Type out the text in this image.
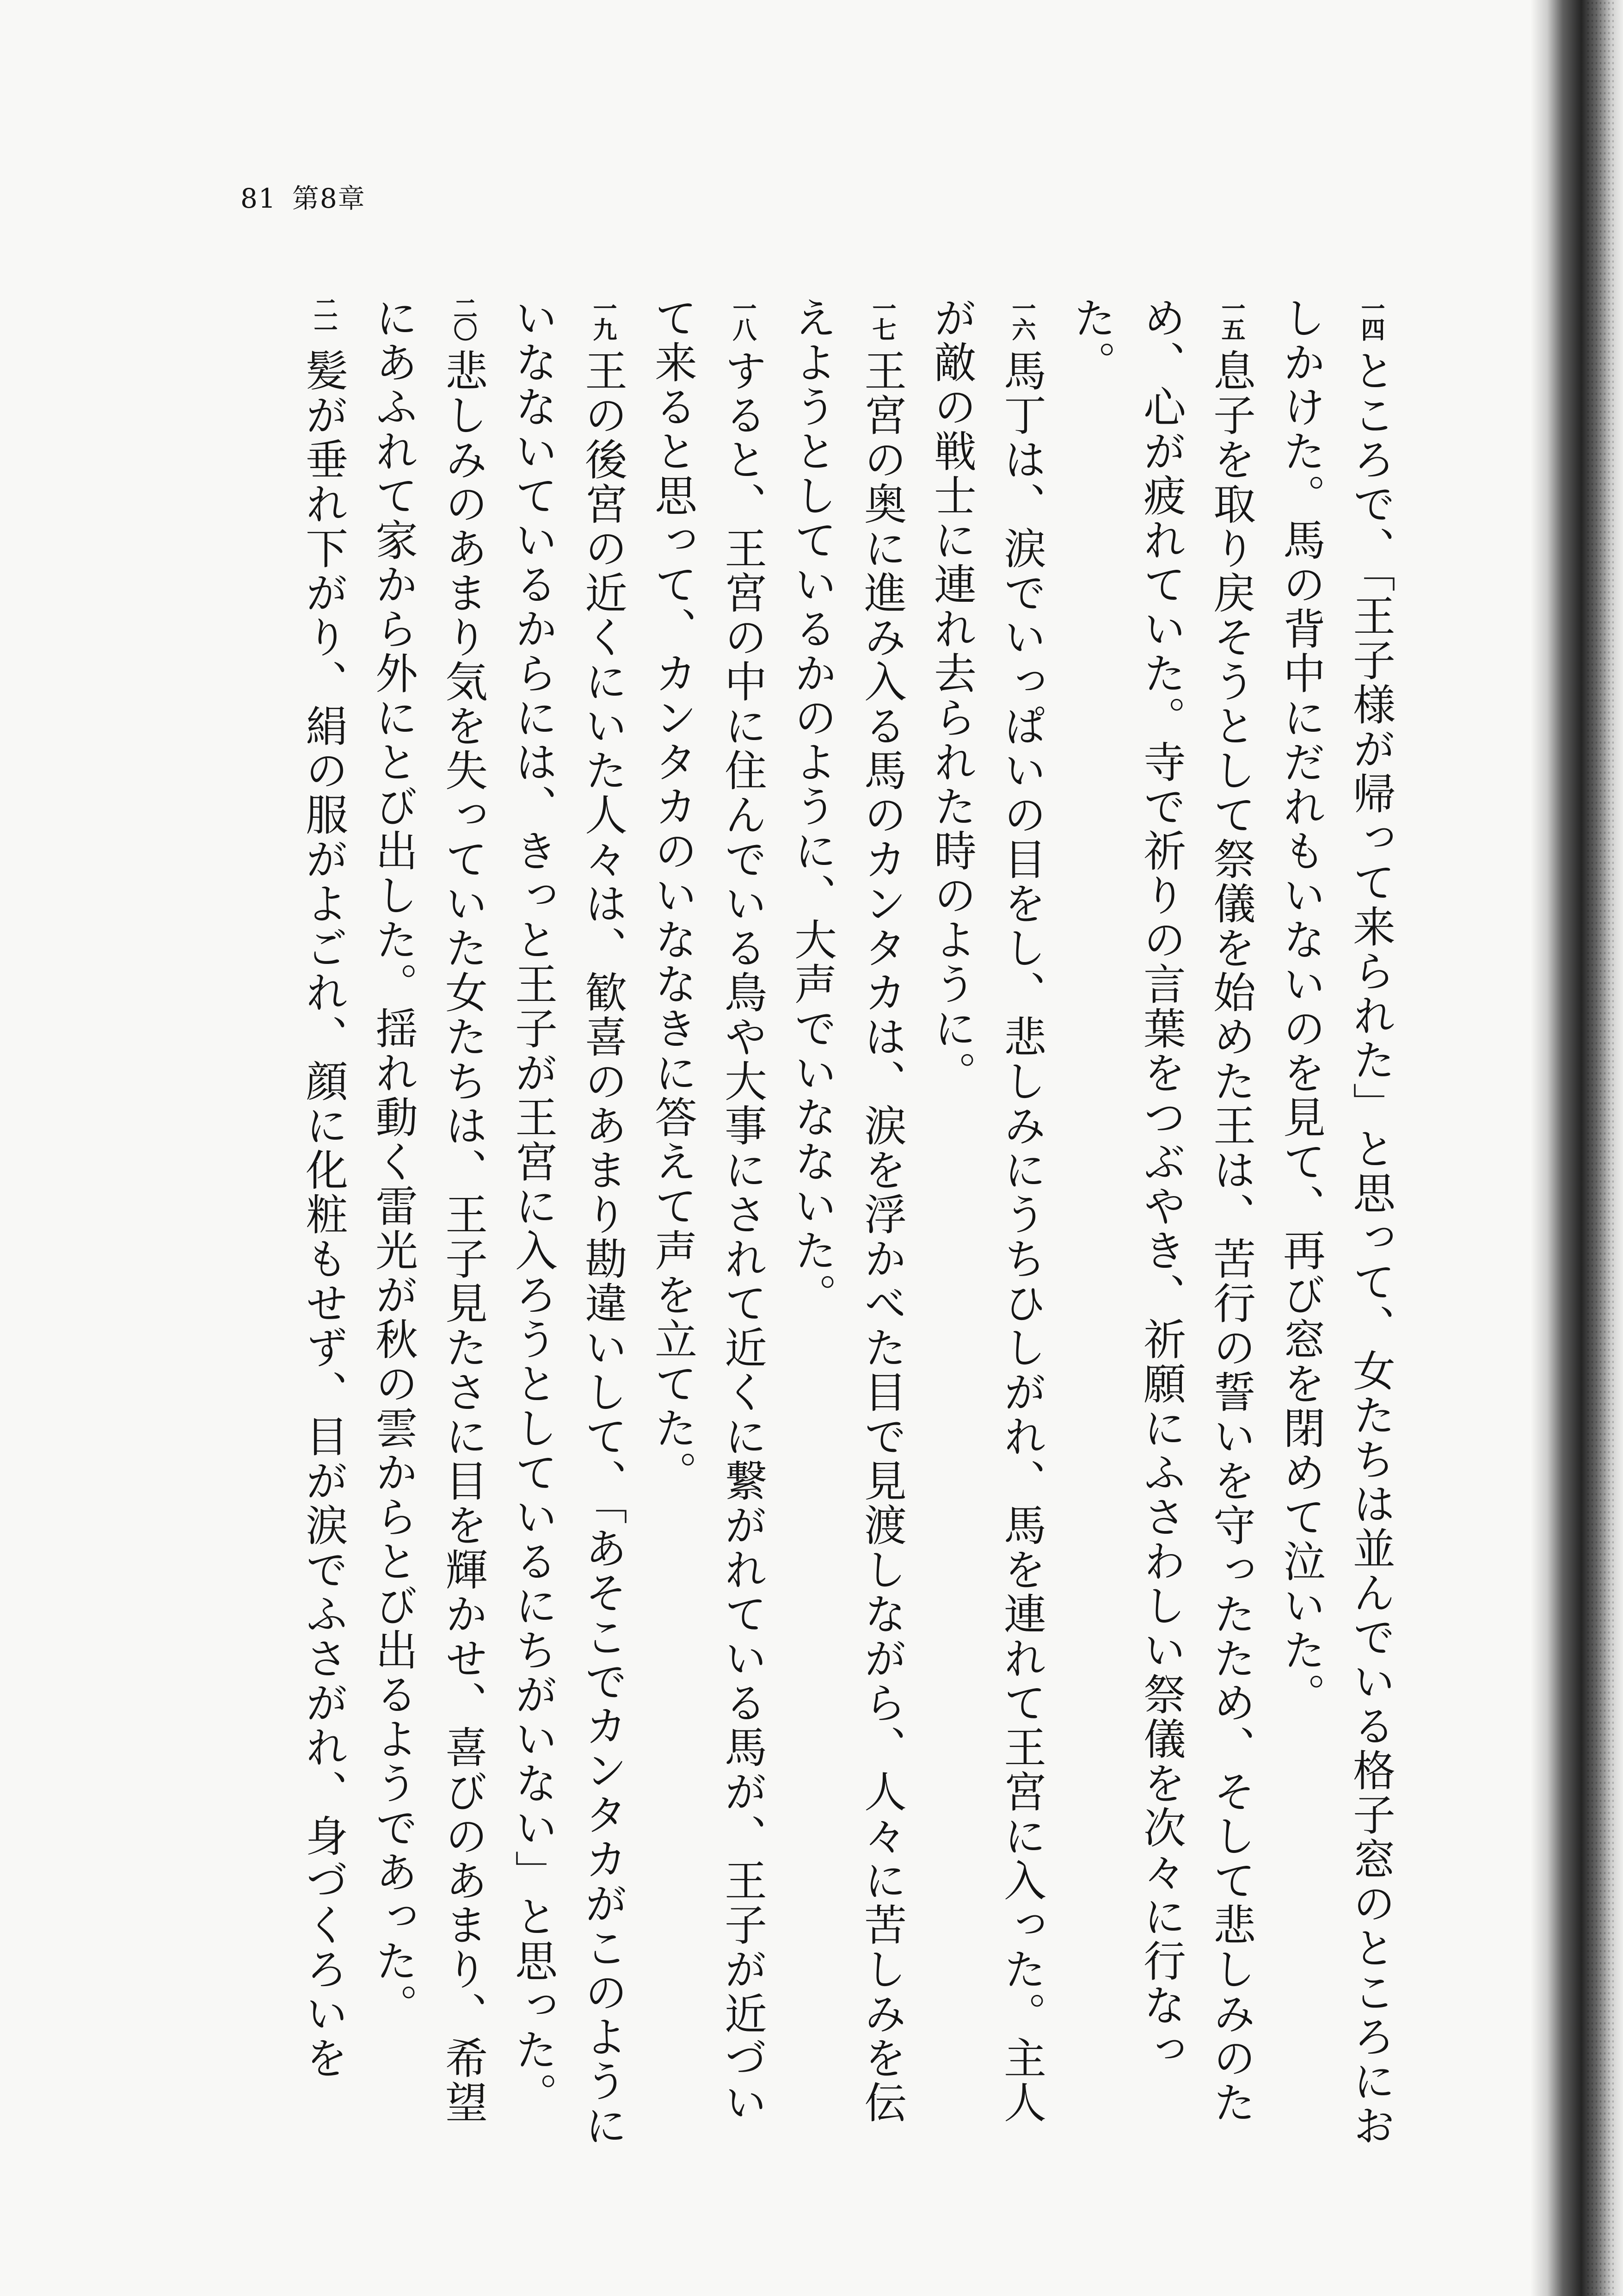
81 第8章

一四ところで、「王子様が帰って来られた」と思って、女たちは並んでいる格子窓のところにおしかけた。馬の背中にだれもいないのを見て、再び窓を閉めて泣いた。

一五息子を取り戻そうとして祭儀を始めた王は、苦行の誓いを守ったため、そして悲しみのため、心が疲れていた。寺で祈りの言葉をつぶやき、祈願にふさわしい祭儀を次々に行なった。

一六馬丁は、涙でいっぱいの目をし、悲しみにうちひしがれ、馬を連れて王宮に入った。主人が敵の戦士に連れ去られた時のように。

一七王宮の奥に進み入る馬のカンタカは、涙を浮かべた目で見渡しながら、人々に苦しみを伝えようとしているかのように、大声でいなないた。

一八すると、王宮の中に住んでいる鳥や大事にされて近くに繋がれている馬が、王子が近づいて来ると思って、カンタカのいななきに答えて声を立てた。

一九王の後宮の近くにいた人々は、歓喜のあまり勘違いして、「あそこでカンタカがこのようにいなないているからには、きっと王子が王宮に入ろうとしているにちがいない」と思った。

二〇悲しみのあまり気を失っていた女たちは、王子見たさに目を輝かせ、喜びのあまり、希望にあふれて家から外にとび出した。揺れ動く雷光が秋の雲からとび出るようであった。

二一髪が垂れ下がり、絹の服がよごれ、顔に化粧もせず、目が涙でふさがれ、身づくろいを
